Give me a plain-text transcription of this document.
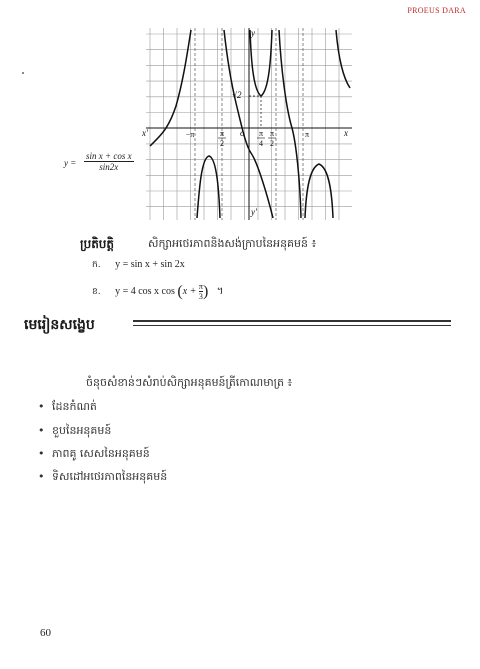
PROEUS DARA
y
y'
x
x'	o
√2
−π	π
2
π
4
π
2
π
y =
sin x + cos x
sin2x
ប្រតិបត្តិ	សិក្សាអថេរភាពនិងសង់ក្រាបនៃអនុគមន៍ ៖
ក. y = sin x + sin 2x
ខ. y = 4 cos x $\cos (x + \frac{\pi}{3}$ ) ។
មេរៀនសង្ខេប
ចំនុចសំខាន់ៗសំរាប់សិក្សាអនុគមន៍ត្រីកោណមាត្រ ៖
• ដែនកំណត់
• ខួបនៃអនុគមន៍
• ភាពគូ សេសនៃអនុគមន៍
• ទិសដៅអថេរភាពនៃអនុគមន៍
60
